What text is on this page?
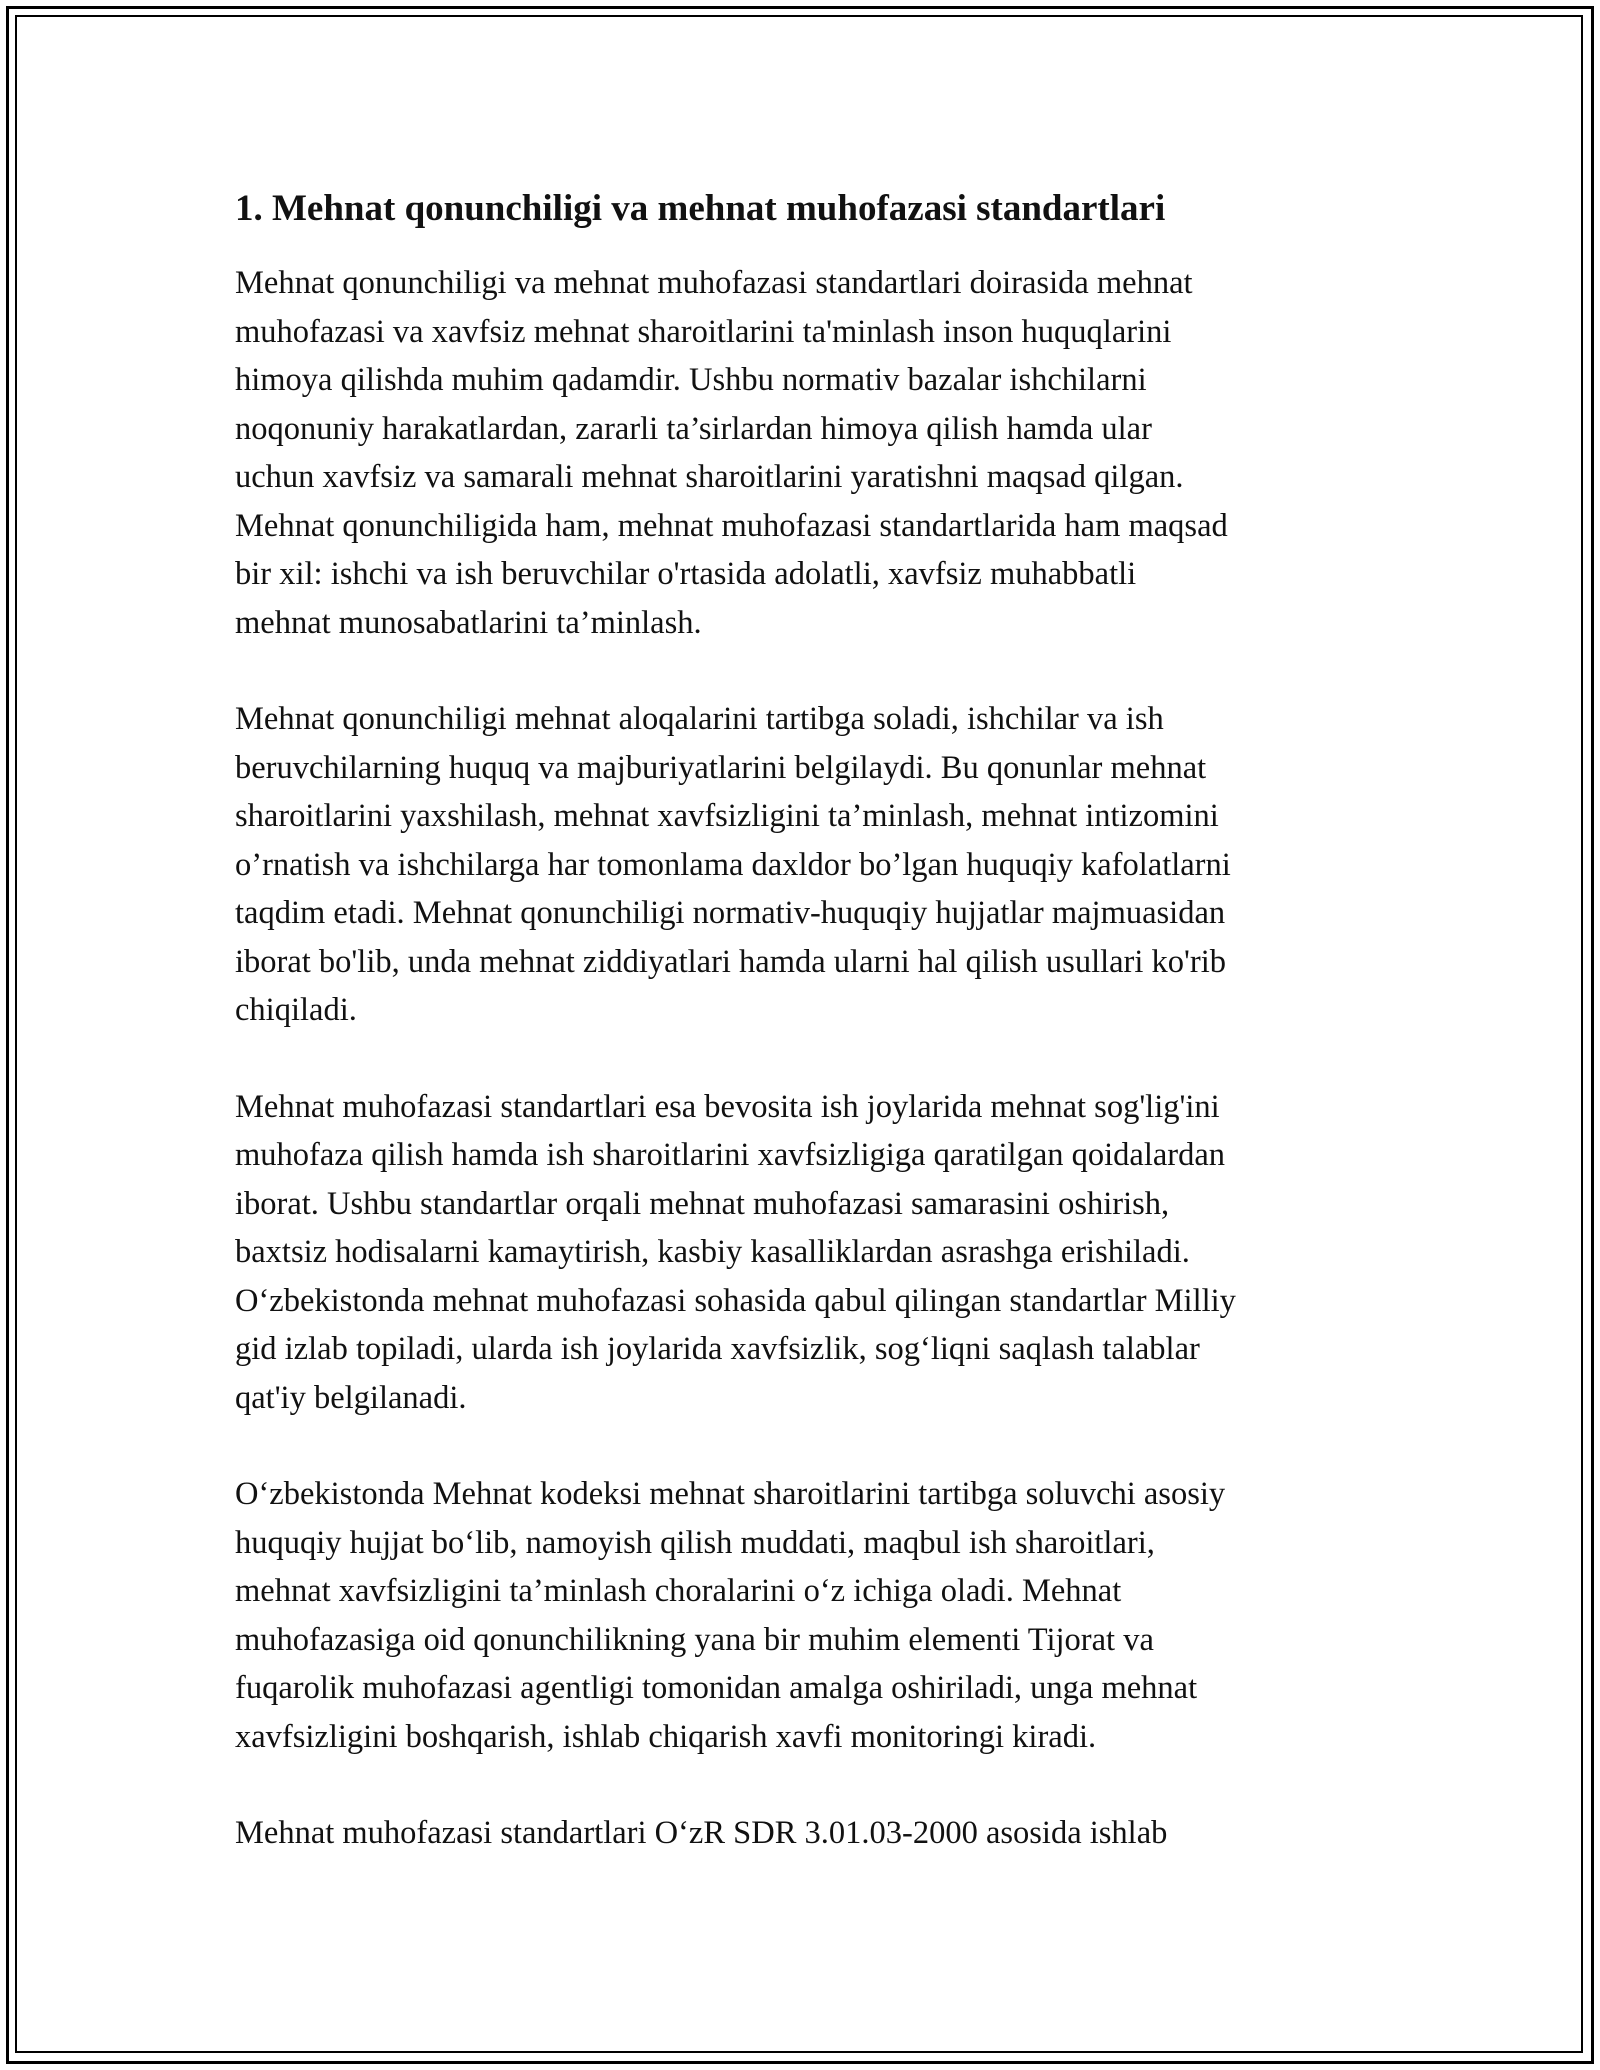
1. Mehnat qonunchiligi va mehnat muhofazasi standartlari

Mehnat qonunchiligi va mehnat muhofazasi standartlari doirasida mehnat
muhofazasi va xavfsiz mehnat sharoitlarini ta'minlash inson huquqlarini
himoya qilishda muhim qadamdir. Ushbu normativ bazalar ishchilarni
noqonuniy harakatlardan, zararli ta’sirlardan himoya qilish hamda ular
uchun xavfsiz va samarali mehnat sharoitlarini yaratishni maqsad qilgan.
Mehnat qonunchiligida ham, mehnat muhofazasi standartlarida ham maqsad
bir xil: ishchi va ish beruvchilar o'rtasida adolatli, xavfsiz muhabbatli
mehnat munosabatlarini ta’minlash.

Mehnat qonunchiligi mehnat aloqalarini tartibga soladi, ishchilar va ish
beruvchilarning huquq va majburiyatlarini belgilaydi. Bu qonunlar mehnat
sharoitlarini yaxshilash, mehnat xavfsizligini ta’minlash, mehnat intizomini
o’rnatish va ishchilarga har tomonlama daxldor bo’lgan huquqiy kafolatlarni
taqdim etadi. Mehnat qonunchiligi normativ-huquqiy hujjatlar majmuasidan
iborat bo'lib, unda mehnat ziddiyatlari hamda ularni hal qilish usullari ko'rib
chiqiladi.

Mehnat muhofazasi standartlari esa bevosita ish joylarida mehnat sog'lig'ini
muhofaza qilish hamda ish sharoitlarini xavfsizligiga qaratilgan qoidalardan
iborat. Ushbu standartlar orqali mehnat muhofazasi samarasini oshirish,
baxtsiz hodisalarni kamaytirish, kasbiy kasalliklardan asrashga erishiladi.
O‘zbekistonda mehnat muhofazasi sohasida qabul qilingan standartlar Milliy
gid izlab topiladi, ularda ish joylarida xavfsizlik, sog‘liqni saqlash talablar
qat'iy belgilanadi.

O‘zbekistonda Mehnat kodeksi mehnat sharoitlarini tartibga soluvchi asosiy
huquqiy hujjat bo‘lib, namoyish qilish muddati, maqbul ish sharoitlari,
mehnat xavfsizligini ta’minlash choralarini o‘z ichiga oladi. Mehnat
muhofazasiga oid qonunchilikning yana bir muhim elementi Tijorat va
fuqarolik muhofazasi agentligi tomonidan amalga oshiriladi, unga mehnat
xavfsizligini boshqarish, ishlab chiqarish xavfi monitoringi kiradi.

Mehnat muhofazasi standartlari O‘zR SDR 3.01.03-2000 asosida ishlab
